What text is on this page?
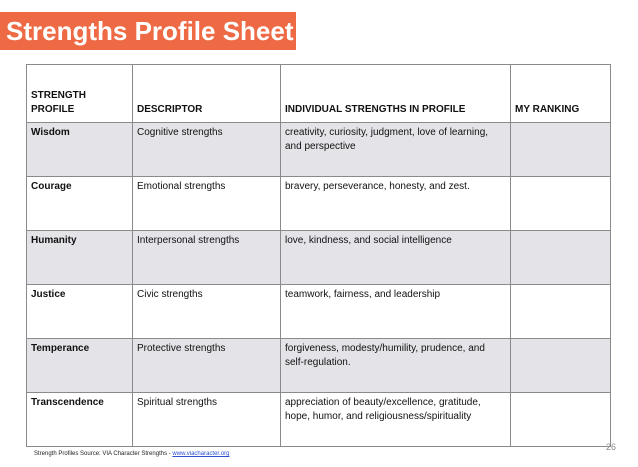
Strengths Profile Sheet
STRENGTH PROFILE	DESCRIPTOR	INDIVIDUAL STRENGTHS IN PROFILE	MY RANKING
Wisdom	Cognitive strengths	creativity, curiosity, judgment, love of learning, and perspective	
Courage	Emotional strengths	bravery, perseverance, honesty, and zest.	
Humanity	Interpersonal strengths	love, kindness, and social intelligence	
Justice	Civic strengths	teamwork, fairness, and leadership	
Temperance	Protective strengths	forgiveness, modesty/humility, prudence, and self-regulation.	
Transcendence	Spiritual strengths	appreciation of beauty/excellence, gratitude, hope, humor, and religiousness/spirituality	
Strength Profiles Source: VIA Character Strengths - www.viacharacter.org
26
